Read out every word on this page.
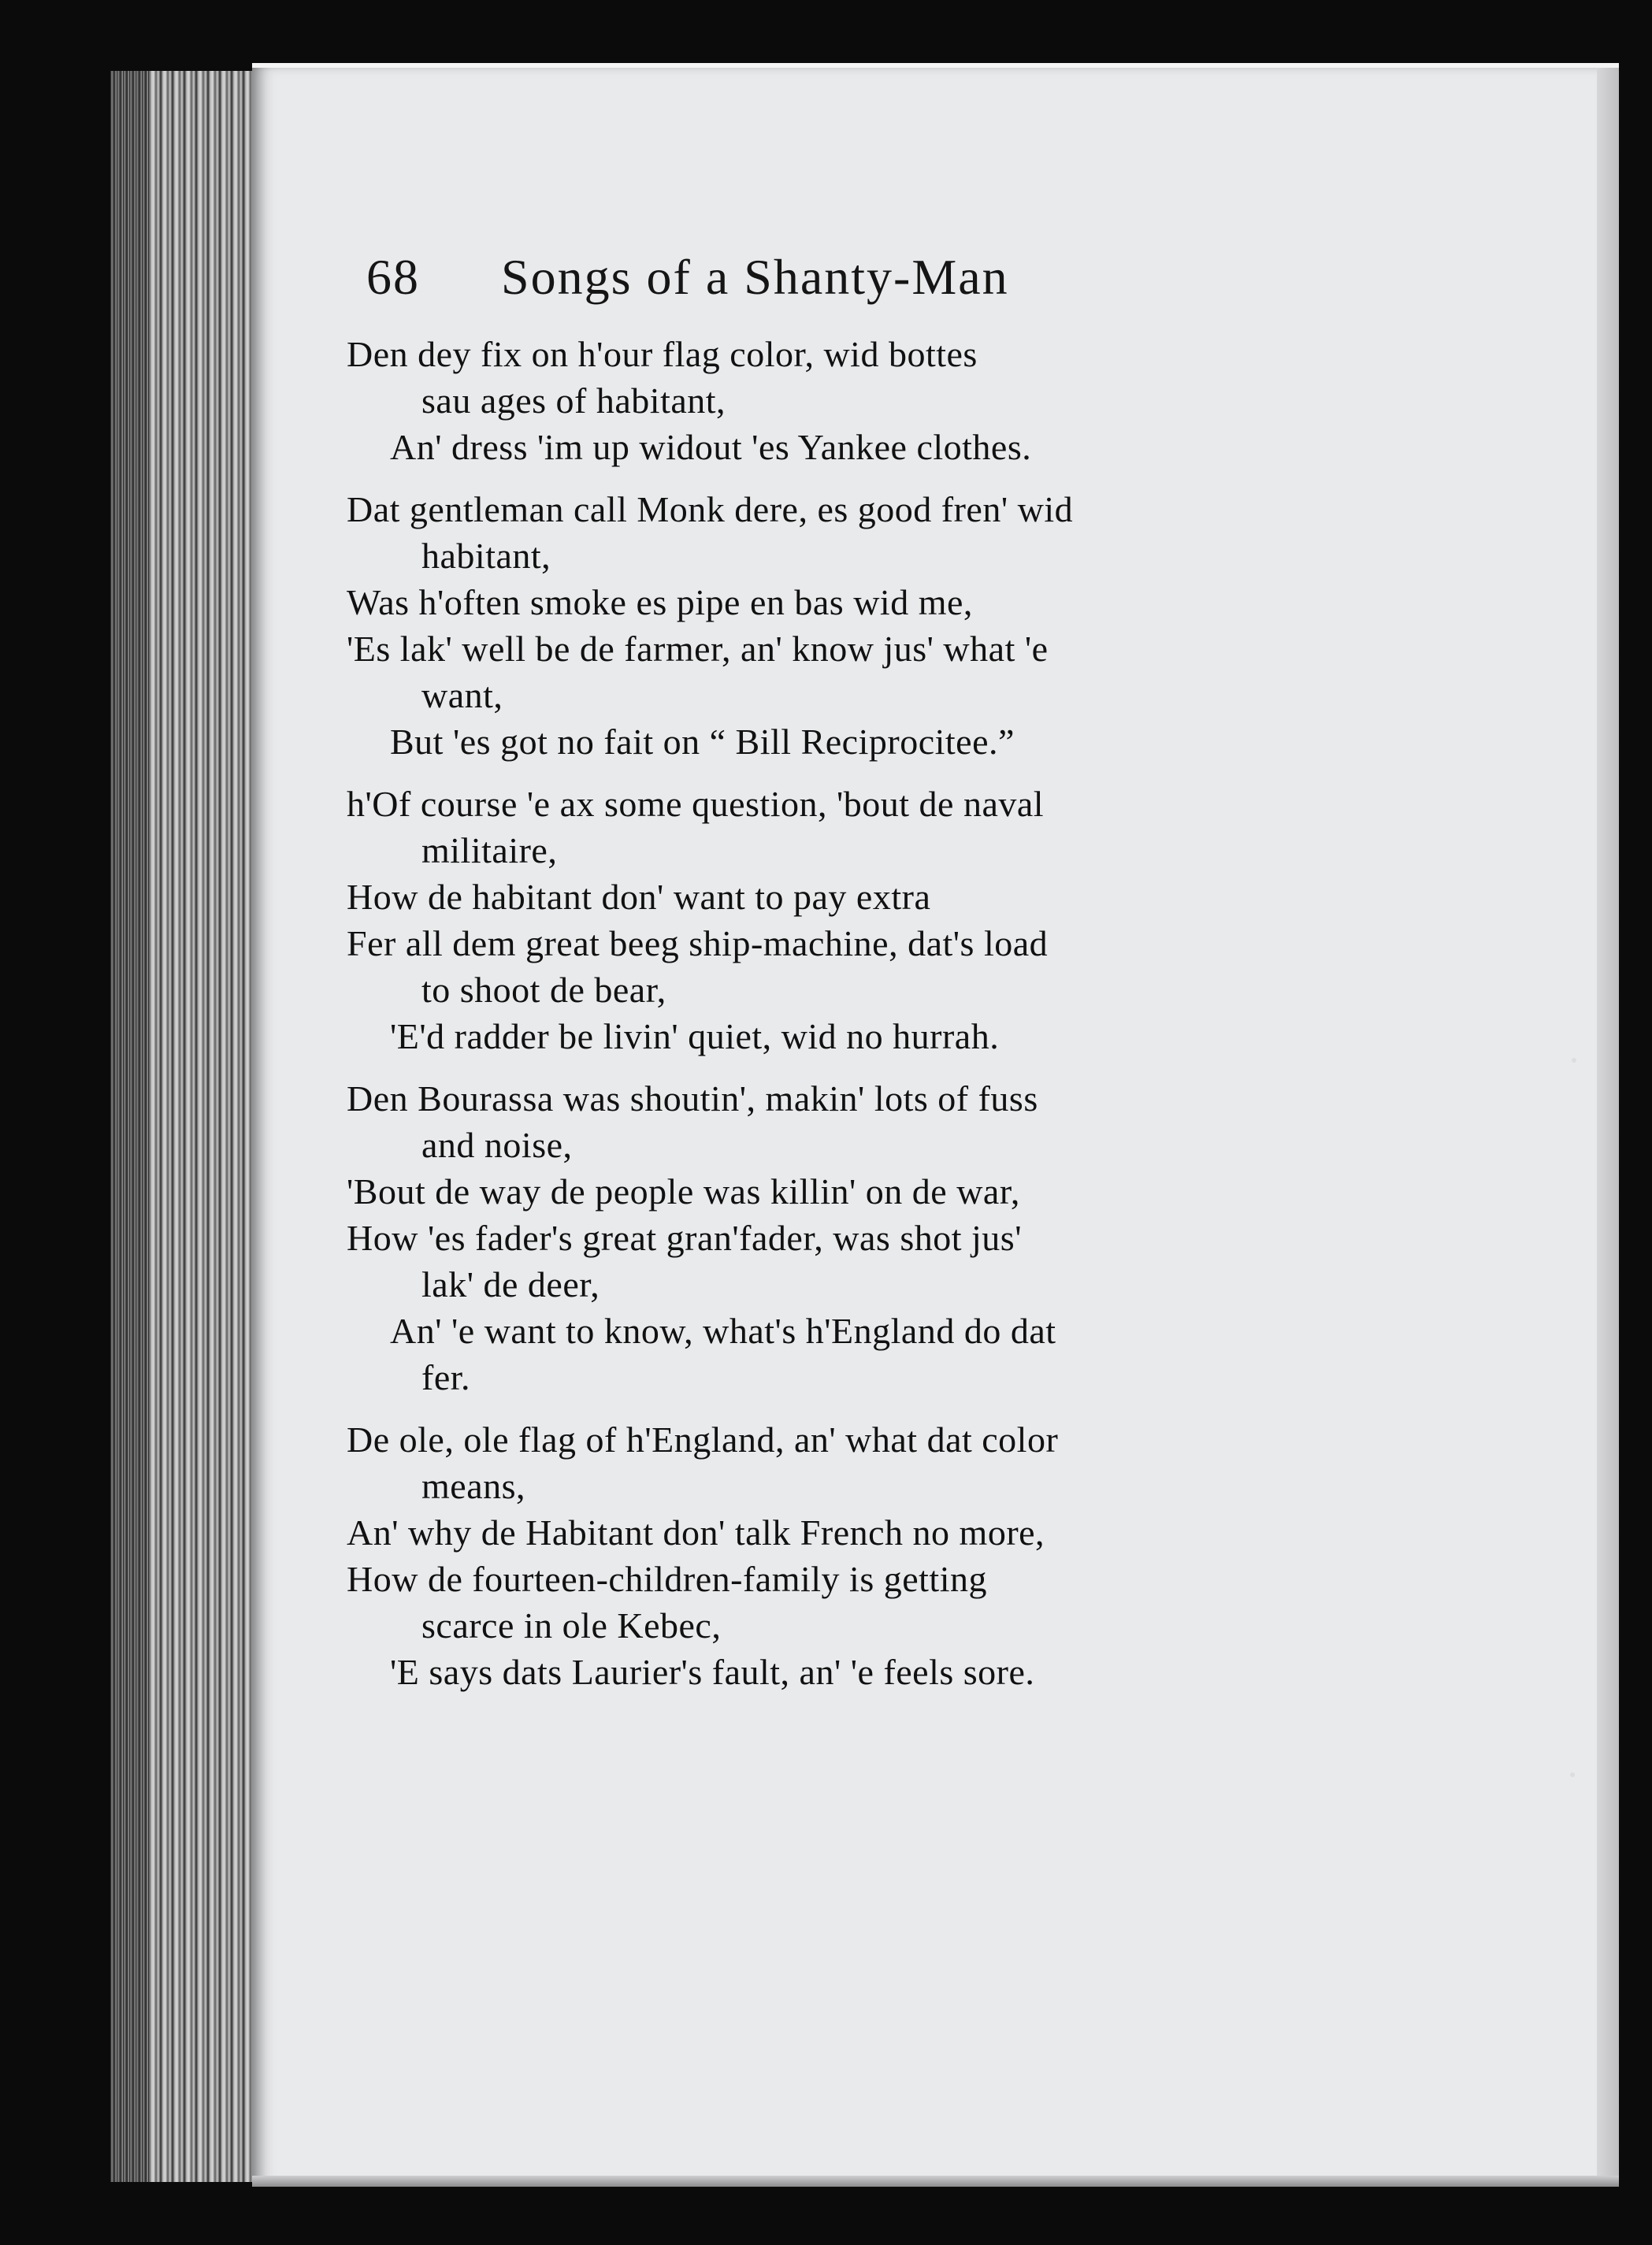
68 Songs of a Shanty-Man
Den dey fix on h'our flag color, wid bottes
sau ages of habitant,
An' dress 'im up widout 'es Yankee clothes.
Dat gentleman call Monk dere, es good fren' wid
habitant,
Was h'often smoke es pipe en bas wid me,
'Es lak' well be de farmer, an' know jus' what 'e
want,
But 'es got no fait on “ Bill Reciprocitee.”
h'Of course 'e ax some question, 'bout de naval
militaire,
How de habitant don' want to pay extra
Fer all dem great beeg ship-machine, dat's load
to shoot de bear,
'E'd radder be livin' quiet, wid no hurrah.
Den Bourassa was shoutin', makin' lots of fuss
and noise,
'Bout de way de people was killin' on de war,
How 'es fader's great gran'fader, was shot jus'
lak' de deer,
An' 'e want to know, what's h'England do dat
fer.
De ole, ole flag of h'England, an' what dat color
means,
An' why de Habitant don' talk French no more,
How de fourteen-children-family is getting
scarce in ole Kebec,
'E says dats Laurier's fault, an' 'e feels sore.
